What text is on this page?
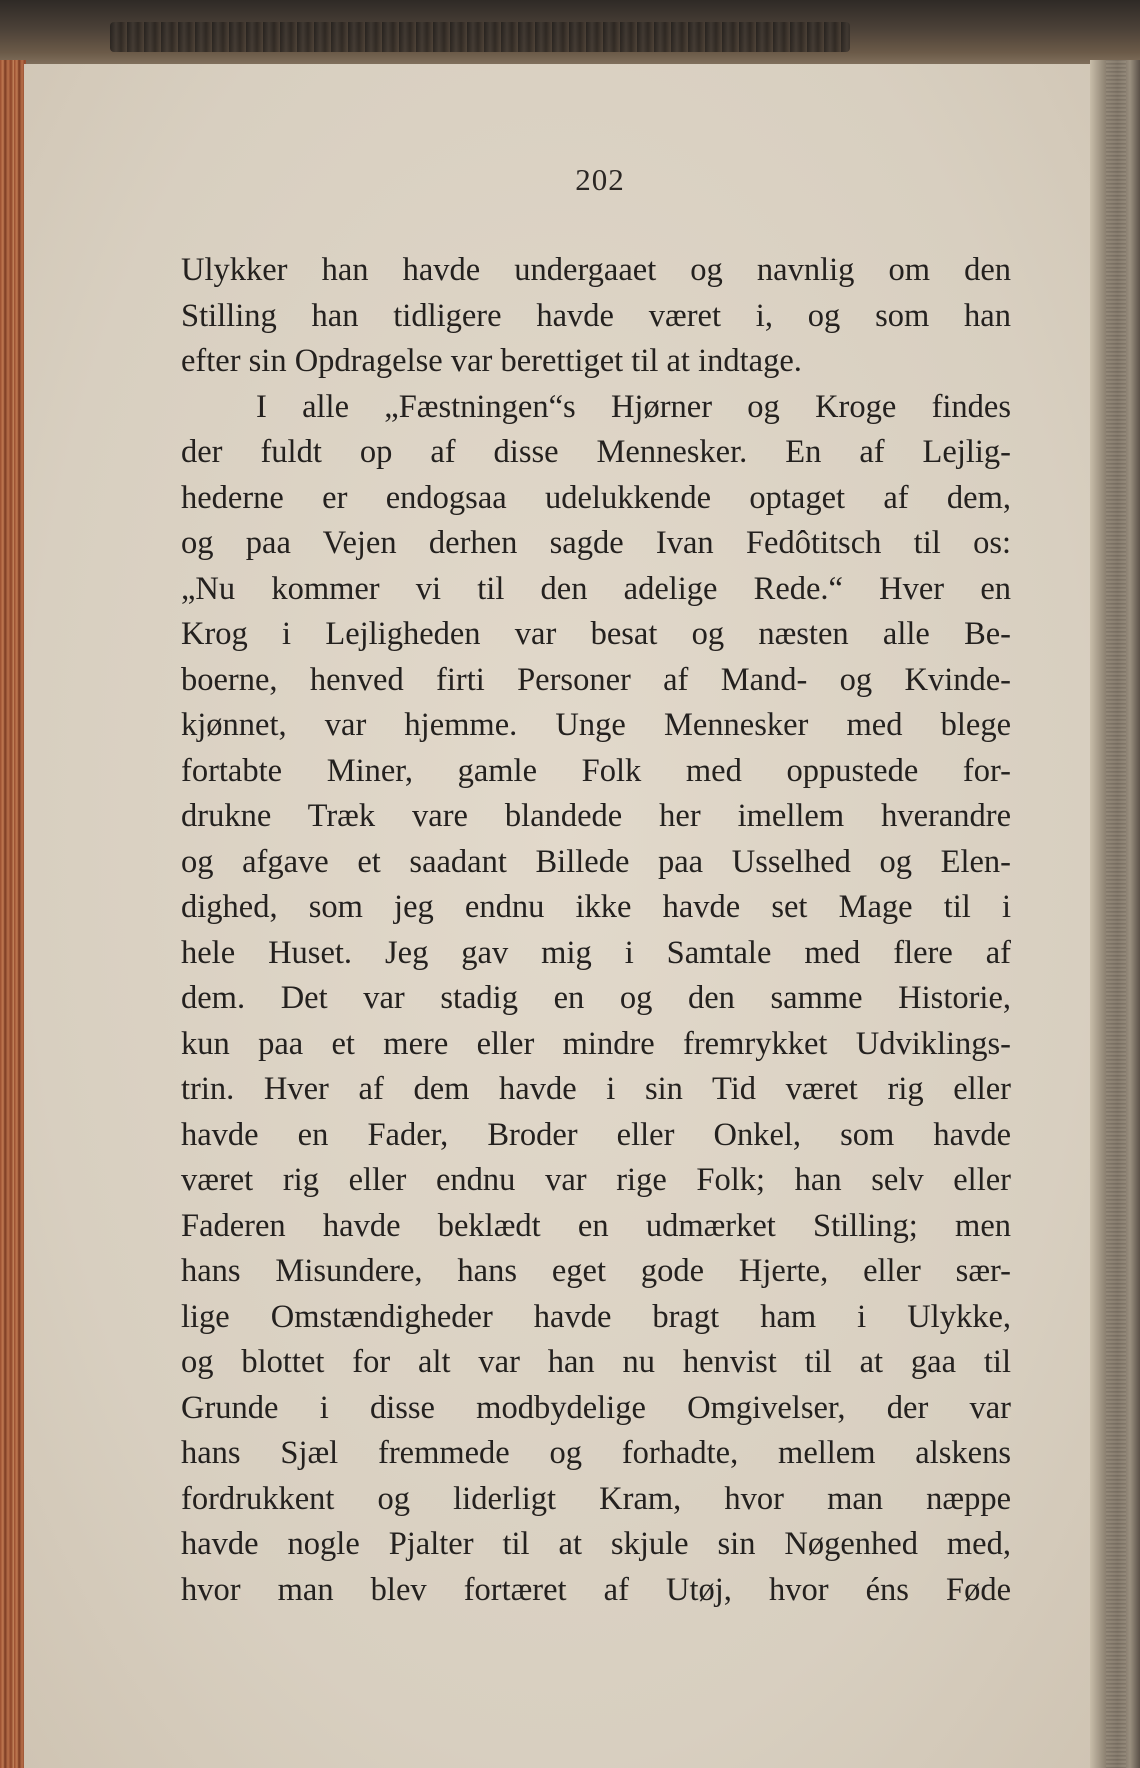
202

Ulykker han havde undergaaet og navnlig om den
Stilling han tidligere havde været i, og som han
efter sin Opdragelse var berettiget til at indtage.
I alle „Fæstningen“s Hjørner og Kroge findes
der fuldt op af disse Mennesker. En af Lejlig-
hederne er endogsaa udelukkende optaget af dem,
og paa Vejen derhen sagde Ivan Fedôtitsch til os:
„Nu kommer vi til den adelige Rede.“ Hver en
Krog i Lejligheden var besat og næsten alle Be-
boerne, henved firti Personer af Mand- og Kvinde-
kjønnet, var hjemme. Unge Mennesker med blege
fortabte Miner, gamle Folk med oppustede for-
drukne Træk vare blandede her imellem hverandre
og afgave et saadant Billede paa Usselhed og Elen-
dighed, som jeg endnu ikke havde set Mage til i
hele Huset. Jeg gav mig i Samtale med flere af
dem. Det var stadig en og den samme Historie,
kun paa et mere eller mindre fremrykket Udviklings-
trin. Hver af dem havde i sin Tid været rig eller
havde en Fader, Broder eller Onkel, som havde
været rig eller endnu var rige Folk; han selv eller
Faderen havde beklædt en udmærket Stilling; men
hans Misundere, hans eget gode Hjerte, eller sær-
lige Omstændigheder havde bragt ham i Ulykke,
og blottet for alt var han nu henvist til at gaa til
Grunde i disse modbydelige Omgivelser, der var
hans Sjæl fremmede og forhadte, mellem alskens
fordrukkent og liderligt Kram, hvor man næppe
havde nogle Pjalter til at skjule sin Nøgenhed med,
hvor man blev fortæret af Utøj, hvor éns Føde
